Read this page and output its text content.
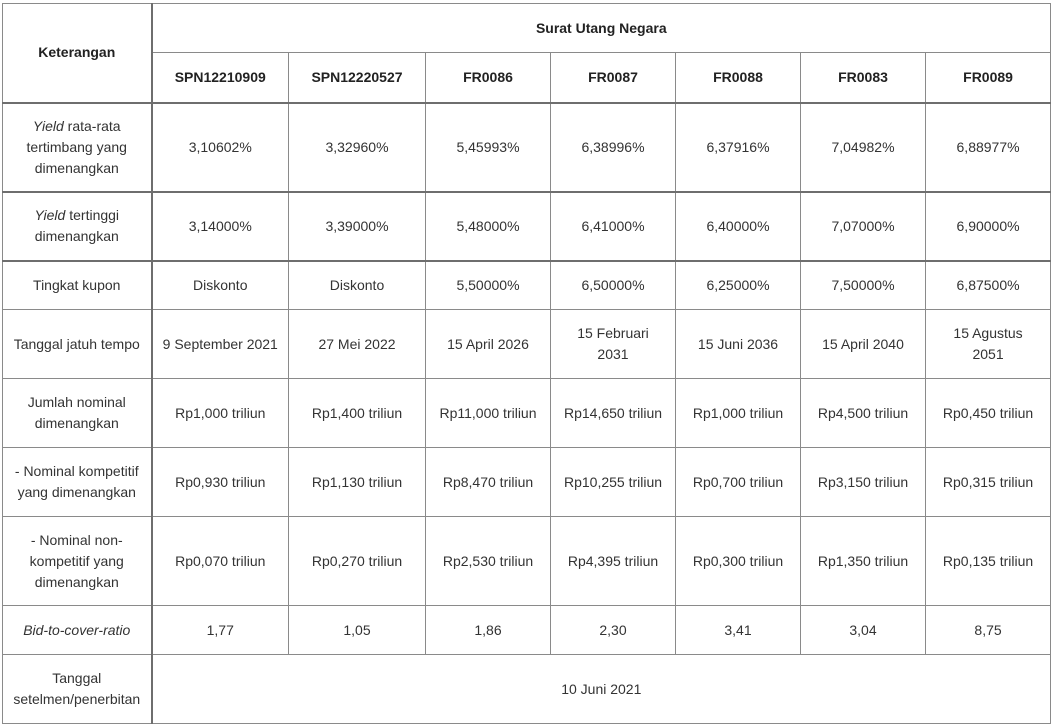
Keterangan	Surat Utang Negara						
	SPN12210909	SPN12220527	FR0086	FR0087	FR0088	FR0083	FR0089
Yield rata-rata tertimbang yang dimenangkan	3,10602%	3,32960%	5,45993%	6,38996%	6,37916%	7,04982%	6,88977%
Yield tertinggi dimenangkan	3,14000%	3,39000%	5,48000%	6,41000%	6,40000%	7,07000%	6,90000%
Tingkat kupon	Diskonto	Diskonto	5,50000%	6,50000%	6,25000%	7,50000%	6,87500%
Tanggal jatuh tempo	9 September 2021	27 Mei 2022	15 April 2026	15 Februari 2031	15 Juni 2036	15 April 2040	15 Agustus 2051
Jumlah nominal dimenangkan	Rp1,000 triliun	Rp1,400 triliun	Rp11,000 triliun	Rp14,650 triliun	Rp1,000 triliun	Rp4,500 triliun	Rp0,450 triliun
- Nominal kompetitif yang dimenangkan	Rp0,930 triliun	Rp1,130 triliun	Rp8,470 triliun	Rp10,255 triliun	Rp0,700 triliun	Rp3,150 triliun	Rp0,315 triliun
- Nominal non-kompetitif yang dimenangkan	Rp0,070 triliun	Rp0,270 triliun	Rp2,530 triliun	Rp4,395 triliun	Rp0,300 triliun	Rp1,350 triliun	Rp0,135 triliun
Bid-to-cover-ratio	1,77	1,05	1,86	2,30	3,41	3,04	8,75
Tanggal setelmen/penerbitan	10 Juni 2021						
